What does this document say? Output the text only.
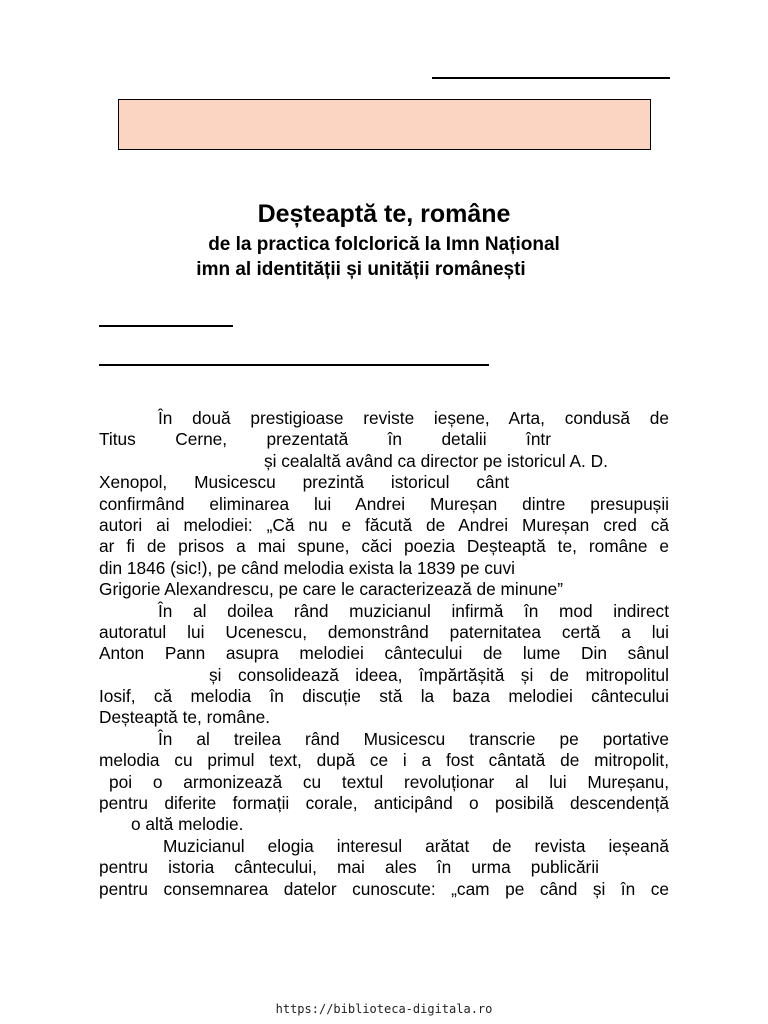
Deșteaptă te, române
de la practica folclorică la Imn Național
imn al identității și unității românești
În două prestigioase reviste ieșene, Arta, condusă de
Titus Cerne, prezentată în detalii într
și cealaltă având ca director pe istoricul A. D.
Xenopol, Musicescu prezintă istoricul cânt
confirmând eliminarea lui Andrei Mureșan dintre presupușii
autori ai melodiei: „Că nu e făcută de Andrei Mureșan cred că
ar fi de prisos a mai spune, căci poezia Deșteaptă te, române e
din 1846 (sic!), pe când melodia exista la 1839 pe cuvi
Grigorie Alexandrescu, pe care le caracterizează de minune”
În al doilea rând muzicianul infirmă în mod indirect
autoratul lui Ucenescu, demonstrând paternitatea certă a lui
Anton Pann asupra melodiei cântecului de lume Din sânul
și consolidează ideea, împărtășită și de mitropolitul
Iosif, că melodia în discuție stă la baza melodiei cântecului
Deșteaptă te, române.
În al treilea rând Musicescu transcrie pe portative
melodia cu primul text, după ce i a fost cântată de mitropolit,
poi o armonizează cu textul revoluționar al lui Mureșanu,
pentru diferite formații corale, anticipând o posibilă descendență
o altă melodie.
Muzicianul elogia interesul arătat de revista ieșeană
pentru istoria cântecului, mai ales în urma publicării
pentru consemnarea datelor cunoscute: „cam pe când și în ce
https://biblioteca-digitala.ro
